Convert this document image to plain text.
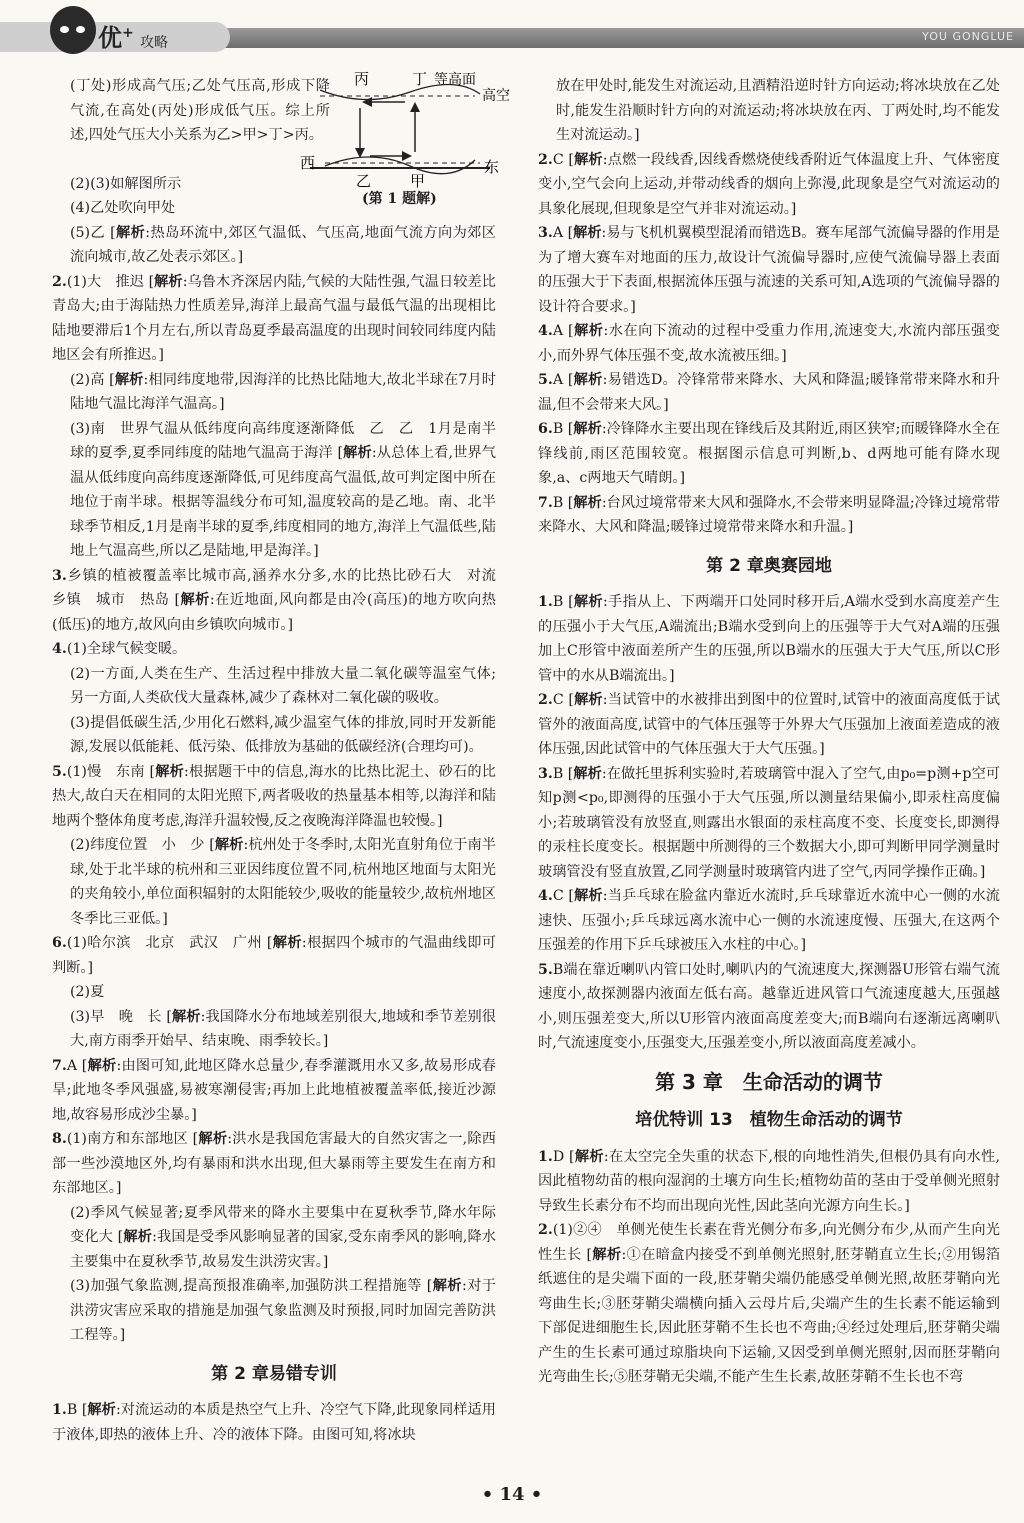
优+
攻略	YOU GONGLUE
丙	丁 等高面
高空
西	东
乙	甲
(第 1 题解)

(丁处)形成高气压;乙处气压高,形成下降气流,在高处(丙处)形成低气压。综上所述,四处气压大小关系为乙>甲>丁>丙。

(2)(3)如解图所示

(4)乙处吹向甲处

(5)乙 [解析:热岛环流中,郊区气温低、气压高,地面气流方向为郊区流向城市,故乙处表示郊区。]

2.(1)大　推迟 [解析:乌鲁木齐深居内陆,气候的大陆性强,气温日较差比青岛大;由于海陆热力性质差异,海洋上最高气温与最低气温的出现相比陆地要滞后1个月左右,所以青岛夏季最高温度的出现时间较同纬度内陆地区会有所推迟。]

(2)高 [解析:相同纬度地带,因海洋的比热比陆地大,故北半球在7月时陆地气温比海洋气温高。]

(3)南　世界气温从低纬度向高纬度逐渐降低　乙　乙　1月是南半球的夏季,夏季同纬度的陆地气温高于海洋 [解析:从总体上看,世界气温从低纬度向高纬度逐渐降低,可见纬度高气温低,故可判定图中所在地位于南半球。根据等温线分布可知,温度较高的是乙地。南、北半球季节相反,1月是南半球的夏季,纬度相同的地方,海洋上气温低些,陆地上气温高些,所以乙是陆地,甲是海洋。]

3.乡镇的植被覆盖率比城市高,涵养水分多,水的比热比砂石大　对流　乡镇　城市　热岛 [解析:在近地面,风向都是由冷(高压)的地方吹向热(低压)的地方,故风向由乡镇吹向城市。]

4.(1)全球气候变暖。

(2)一方面,人类在生产、生活过程中排放大量二氧化碳等温室气体;另一方面,人类砍伐大量森林,减少了森林对二氧化碳的吸收。

(3)提倡低碳生活,少用化石燃料,减少温室气体的排放,同时开发新能源,发展以低能耗、低污染、低排放为基础的低碳经济(合理均可)。

5.(1)慢　东南 [解析:根据题干中的信息,海水的比热比泥土、砂石的比热大,故白天在相同的太阳光照下,两者吸收的热量基本相等,以海洋和陆地两个整体角度考虑,海洋升温较慢,反之夜晚海洋降温也较慢。]

(2)纬度位置　小　少 [解析:杭州处于冬季时,太阳光直射角位于南半球,处于北半球的杭州和三亚因纬度位置不同,杭州地区地面与太阳光的夹角较小,单位面积辐射的太阳能较少,吸收的能量较少,故杭州地区冬季比三亚低。]

6.(1)哈尔滨　北京　武汉　广州 [解析:根据四个城市的气温曲线即可判断。]

(2)夏

(3)早　晚　长 [解析:我国降水分布地域差别很大,地域和季节差别很大,南方雨季开始早、结束晚、雨季较长。]

7.A [解析:由图可知,此地区降水总量少,春季灌溉用水又多,故易形成春旱;此地冬季风强盛,易被寒潮侵害;再加上此地植被覆盖率低,接近沙源地,故容易形成沙尘暴。]

8.(1)南方和东部地区 [解析:洪水是我国危害最大的自然灾害之一,除西部一些沙漠地区外,均有暴雨和洪水出现,但大暴雨等主要发生在南方和东部地区。]

(2)季风气候显著;夏季风带来的降水主要集中在夏秋季节,降水年际变化大 [解析:我国是受季风影响显著的国家,受东南季风的影响,降水主要集中在夏秋季节,故易发生洪涝灾害。]

(3)加强气象监测,提高预报准确率,加强防洪工程措施等 [解析:对于洪涝灾害应采取的措施是加强气象监测及时预报,同时加固完善防洪工程等。]

第 2 章易错专训

1.B [解析:对流运动的本质是热空气上升、冷空气下降,此现象同样适用于液体,即热的液体上升、冷的液体下降。由图可知,将冰块

放在甲处时,能发生对流运动,且酒精沿逆时针方向运动;将冰块放在乙处时,能发生沿顺时针方向的对流运动;将冰块放在丙、丁两处时,均不能发生对流运动。]

2.C [解析:点燃一段线香,因线香燃烧使线香附近气体温度上升、气体密度变小,空气会向上运动,并带动线香的烟向上弥漫,此现象是空气对流运动的具象化展现,但现象是空气并非对流运动。]

3.A [解析:易与飞机机翼模型混淆而错选B。赛车尾部气流偏导器的作用是为了增大赛车对地面的压力,故设计气流偏导器时,应使气流偏导器上表面的压强大于下表面,根据流体压强与流速的关系可知,A选项的气流偏导器的设计符合要求。]

4.A [解析:水在向下流动的过程中受重力作用,流速变大,水流内部压强变小,而外界气体压强不变,故水流被压细。]

5.A [解析:易错选D。冷锋常带来降水、大风和降温;暖锋常带来降水和升温,但不会带来大风。]

6.B [解析:冷锋降水主要出现在锋线后及其附近,雨区狭窄;而暖锋降水全在锋线前,雨区范围较宽。根据图示信息可判断,b、d两地可能有降水现象,a、c两地天气晴朗。]

7.B [解析:台风过境常带来大风和强降水,不会带来明显降温;冷锋过境常带来降水、大风和降温;暖锋过境常带来降水和升温。]

第 2 章奥赛园地

1.B [解析:手指从上、下两端开口处同时移开后,A端水受到水高度差产生的压强小于大气压,A端流出;B端水受到向上的压强等于大气对A端的压强加上C形管中液面差所产生的压强,所以B端水的压强大于大气压,所以C形管中的水从B端流出。]

2.C [解析:当试管中的水被排出到图中的位置时,试管中的液面高度低于试管外的液面高度,试管中的气体压强等于外界大气压强加上液面差造成的液体压强,因此试管中的气体压强大于大气压强。]

3.B [解析:在做托里拆利实验时,若玻璃管中混入了空气,由p₀=p测+p空可知p测<p₀,即测得的压强小于大气压强,所以测量结果偏小,即汞柱高度偏小;若玻璃管没有放竖直,则露出水银面的汞柱高度不变、长度变长,即测得的汞柱长度变长。根据题中所测得的三个数据大小,即可判断甲同学测量时玻璃管没有竖直放置,乙同学测量时玻璃管内进了空气,丙同学操作正确。]

4.C [解析:当乒乓球在脸盆内靠近水流时,乒乓球靠近水流中心一侧的水流速快、压强小;乒乓球远离水流中心一侧的水流速度慢、压强大,在这两个压强差的作用下乒乓球被压入水柱的中心。]

5.B端在靠近喇叭内管口处时,喇叭内的气流速度大,探测器U形管右端气流速度小,故探测器内液面左低右高。越靠近进风管口气流速度越大,压强越小,则压强差变大,所以U形管内液面高度差变大;而B端向右逐渐远离喇叭时,气流速度变小,压强变大,压强差变小,所以液面高度差减小。

第 3 章　生命活动的调节

培优特训 13　植物生命活动的调节

1.D [解析:在太空完全失重的状态下,根的向地性消失,但根仍具有向水性,因此植物幼苗的根向湿润的土壤方向生长;植物幼苗的茎由于受单侧光照射导致生长素分布不均而出现向光性,因此茎向光源方向生长。]

2.(1)②④　单侧光使生长素在背光侧分布多,向光侧分布少,从而产生向光性生长 [解析:①在暗盒内接受不到单侧光照射,胚芽鞘直立生长;②用锡箔纸遮住的是尖端下面的一段,胚芽鞘尖端仍能感受单侧光照,故胚芽鞘向光弯曲生长;③胚芽鞘尖端横向插入云母片后,尖端产生的生长素不能运输到下部促进细胞生长,因此胚芽鞘不生长也不弯曲;④经过处理后,胚芽鞘尖端产生的生长素可通过琼脂块向下运输,又因受到单侧光照射,因而胚芽鞘向光弯曲生长;⑤胚芽鞘无尖端,不能产生生长素,故胚芽鞘不生长也不弯

• 14 •
